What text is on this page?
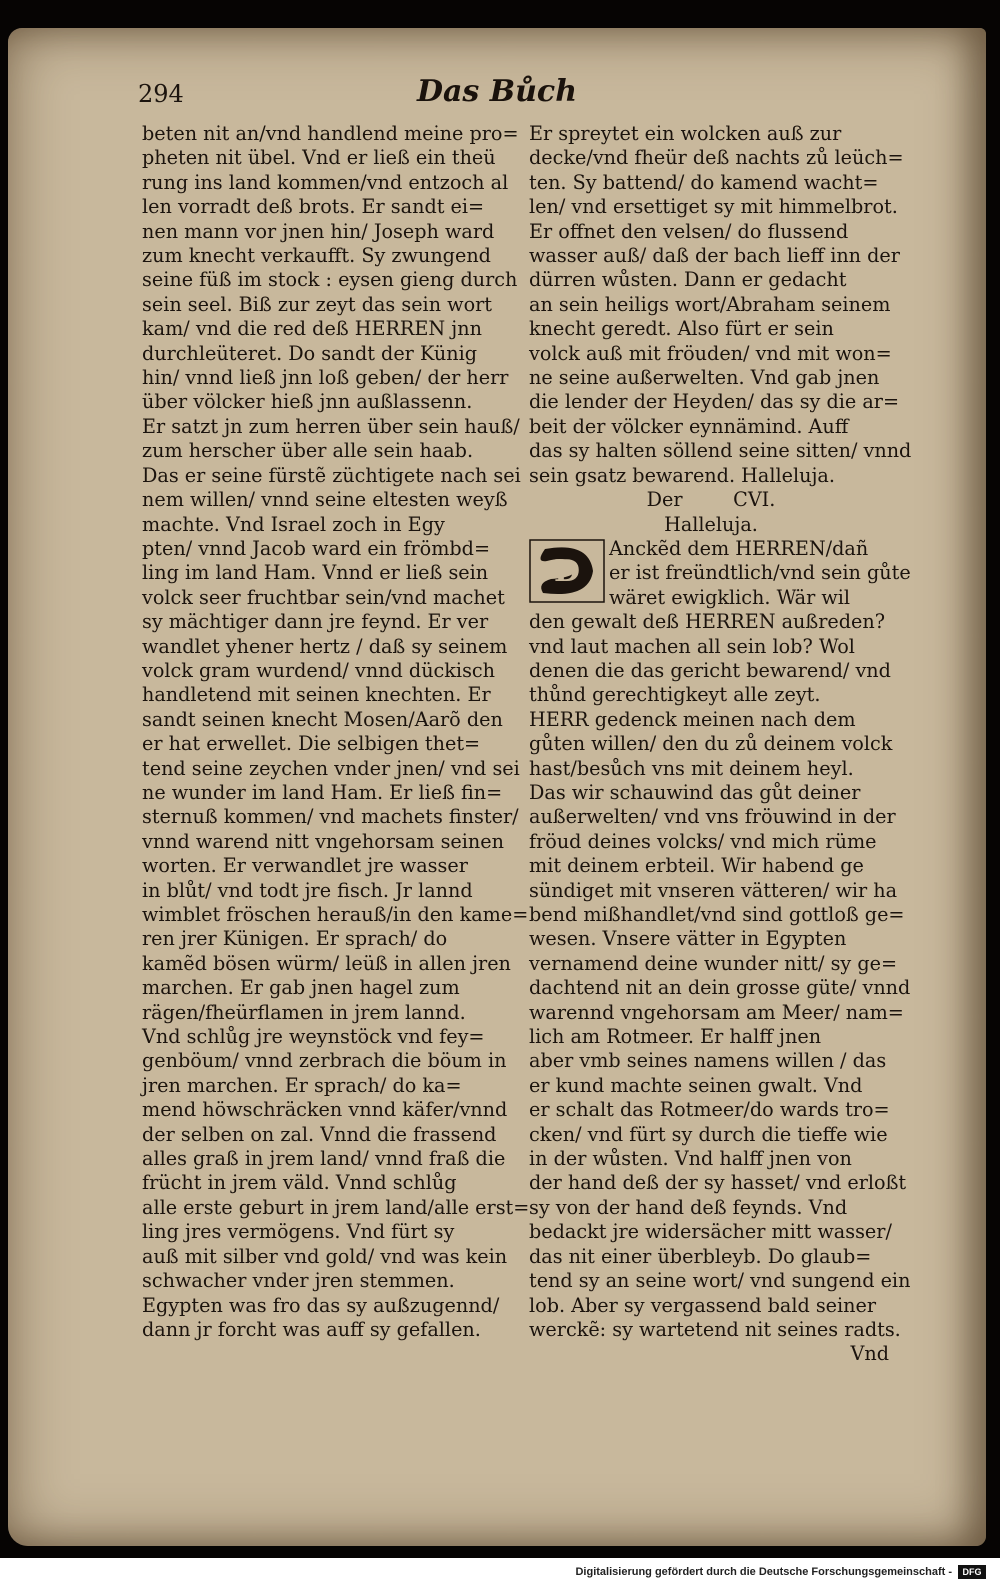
294	Das Bůch

beten nit an/vnd handlend meine pro=

pheten nit übel. Vnd er ließ ein theü

rung ins land kommen/vnd entzoch al

len vorradt deß brots. Er sandt ei=

nen mann vor jnen hin/ Joseph ward

zum knecht verkaufft. Sy zwungend

seine füß im stock : eysen gieng durch

sein seel. Biß zur zeyt das sein wort

kam/ vnd die red deß HERREN jnn

durchleüteret. Do sandt der Künig

hin/ vnnd ließ jnn loß geben/ der herr

über völcker hieß jnn außlassenn.

Er satzt jn zum herren über sein hauß/

zum herscher über alle sein haab.

Das er seine fürstẽ züchtigete nach sei

nem willen/ vnnd seine eltesten weyß

machte. Vnd Israel zoch in Egy

pten/ vnnd Jacob ward ein frömbd=

ling im land Ham. Vnnd er ließ sein

volck seer fruchtbar sein/vnd machet

sy mächtiger dann jre feynd. Er ver

wandlet yhener hertz / daß sy seinem

volck gram wurdend/ vnnd dückisch

handletend mit seinen knechten. Er

sandt seinen knecht Mosen/Aarõ den

er hat erwellet. Die selbigen thet=

tend seine zeychen vnder jnen/ vnd sei

ne wunder im land Ham. Er ließ fin=

sternuß kommen/ vnd machets finster/

vnnd warend nitt vngehorsam seinen

worten. Er verwandlet jre wasser

in blůt/ vnd todt jre fisch. Jr lannd

wimblet fröschen herauß/in den kame=

ren jrer Künigen. Er sprach/ do

kamẽd bösen würm/ leüß in allen jren

marchen. Er gab jnen hagel zum

rägen/fheürflamen in jrem lannd.

Vnd schlůg jre weynstöck vnd fey=

genböum/ vnnd zerbrach die böum in

jren marchen. Er sprach/ do ka=

mend höwschräcken vnnd käfer/vnnd

der selben on zal. Vnnd die frassend

alles graß in jrem land/ vnnd fraß die

frücht in jrem väld. Vnnd schlůg

alle erste geburt in jrem land/alle erst=

ling jres vermögens. Vnd fürt sy

auß mit silber vnd gold/ vnd was kein

schwacher vnder jren stemmen.

Egypten was fro das sy außzugennd/

dann jr forcht was auff sy gefallen.

Er spreytet ein wolcken auß zur

decke/vnd fheür deß nachts zů leüch=

ten. Sy battend/ do kamend wacht=

len/ vnd ersettiget sy mit himmelbrot.

Er offnet den velsen/ do flussend

wasser auß/ daß der bach lieff inn der

dürren wůsten. Dann er gedacht

an sein heiligs wort/Abraham seinem

knecht geredt. Also fürt er sein

volck auß mit fröuden/ vnd mit won=

ne seine außerwelten. Vnd gab jnen

die lender der Heyden/ das sy die ar=

beit der völcker eynnämind. Auff

das sy halten söllend seine sitten/ vnnd

sein gsatz bewarend. Halleluja.

Der   	CVI.

Halleluja.

D

Anckẽd dem HERREN/dañ

er ist freündtlich/vnd sein gůte

wäret ewigklich. Wär wil

den gewalt deß HERREN außreden?

vnd laut machen all sein lob? Wol

denen die das gericht bewarend/ vnd

thůnd gerechtigkeyt alle zeyt.

HERR gedenck meinen nach dem

gůten willen/ den du zů deinem volck

hast/besůch vns mit deinem heyl.

Das wir schauwind das gůt deiner

außerwelten/ vnd vns fröuwind in der

fröud deines volcks/ vnd mich rüme

mit deinem erbteil. Wir habend ge

sündiget mit vnseren vätteren/ wir ha

bend mißhandlet/vnd sind gottloß ge=

wesen. Vnsere vätter in Egypten

vernamend deine wunder nitt/ sy ge=

dachtend nit an dein grosse güte/ vnnd

warennd vngehorsam am Meer/ nam=

lich am Rotmeer. Er halff jnen

aber vmb seines namens willen / das

er kund machte seinen gwalt. Vnd

er schalt das Rotmeer/do wards tro=

cken/ vnd fürt sy durch die tieffe wie

in der wůsten. Vnd halff jnen von

der hand deß der sy hasset/ vnd erloßt

sy von der hand deß feynds. Vnd

bedackt jre widersächer mitt wasser/

das nit einer überbleyb. Do glaub=

tend sy an seine wort/ vnd sungend ein

lob. Aber sy vergassend bald seiner

werckẽ: sy wartetend nit seines radts.

Vnd

Digitalisierung gefördert durch die Deutsche Forschungsgemeinschaft -	DFG
